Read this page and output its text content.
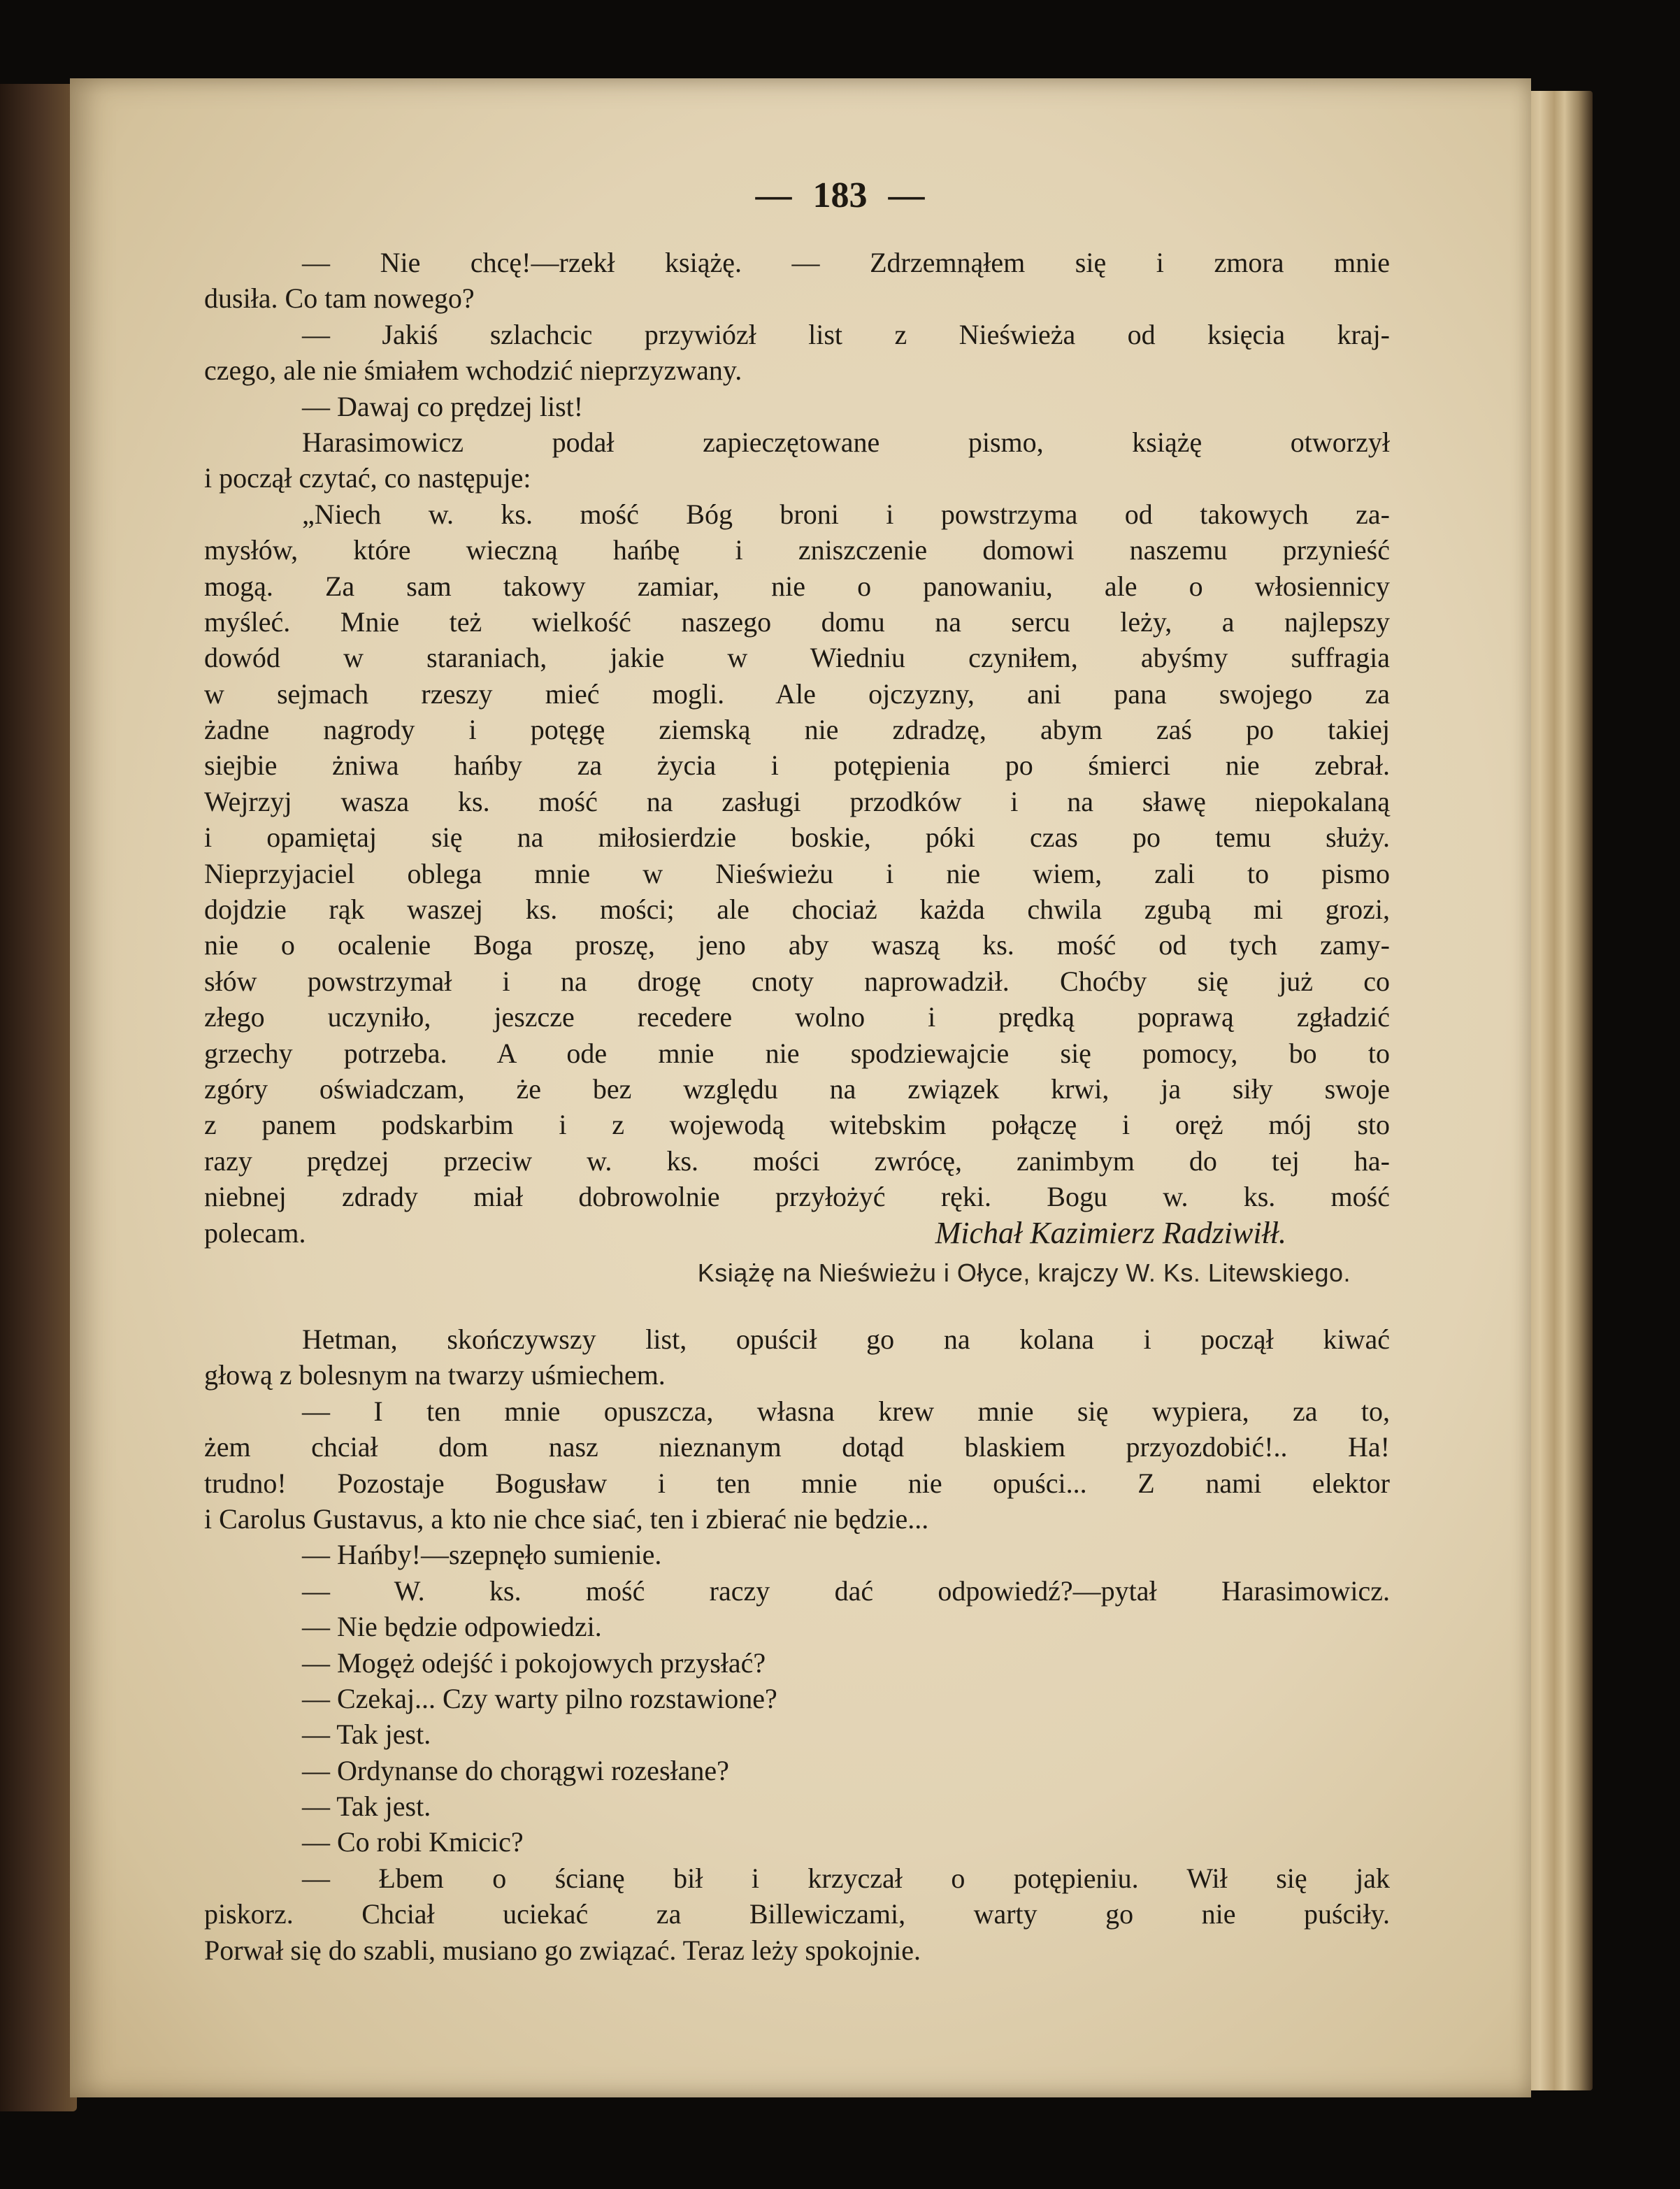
— 183 —
— Nie chcę!—rzekł książę. — Zdrzemnąłem się i zmora mnie
dusiła. Co tam nowego?
— Jakiś szlachcic przywiózł list z Nieświeża od księcia kraj-
czego, ale nie śmiałem wchodzić nieprzyzwany.
— Dawaj co prędzej list!
Harasimowicz podał zapieczętowane pismo, książę otworzył
i począł czytać, co następuje:
„Niech w. ks. mość Bóg broni i powstrzyma od takowych za-
mysłów, które wieczną hańbę i zniszczenie domowi naszemu przynieść
mogą. Za sam takowy zamiar, nie o panowaniu, ale o włosiennicy
myśleć. Mnie też wielkość naszego domu na sercu leży, a najlepszy
dowód w staraniach, jakie w Wiedniu czyniłem, abyśmy suffragia
w sejmach rzeszy mieć mogli. Ale ojczyzny, ani pana swojego za
żadne nagrody i potęgę ziemską nie zdradzę, abym zaś po takiej
siejbie żniwa hańby za życia i potępienia po śmierci nie zebrał.
Wejrzyj wasza ks. mość na zasługi przodków i na sławę niepokalaną
i opamiętaj się na miłosierdzie boskie, póki czas po temu służy.
Nieprzyjaciel oblega mnie w Nieświeżu i nie wiem, zali to pismo
dojdzie rąk waszej ks. mości; ale chociaż każda chwila zgubą mi grozi,
nie o ocalenie Boga proszę, jeno aby waszą ks. mość od tych zamy-
słów powstrzymał i na drogę cnoty naprowadził. Choćby się już co
złego uczyniło, jeszcze recedere wolno i prędką poprawą zgładzić
grzechy potrzeba. A ode mnie nie spodziewajcie się pomocy, bo to
zgóry oświadczam, że bez względu na związek krwi, ja siły swoje
z panem podskarbim i z wojewodą witebskim połączę i oręż mój sto
razy prędzej przeciw w. ks. mości zwrócę, zanimbym do tej ha-
niebnej zdrady miał dobrowolnie przyłożyć ręki. Bogu w. ks. mość
polecam.	Michał Kazimierz Radziwiłł.
Książę na Nieświeżu i Ołyce, krajczy W. Ks. Litewskiego.
Hetman, skończywszy list, opuścił go na kolana i począł kiwać
głową z bolesnym na twarzy uśmiechem.
— I ten mnie opuszcza, własna krew mnie się wypiera, za to,
żem chciał dom nasz nieznanym dotąd blaskiem przyozdobić!.. Ha!
trudno! Pozostaje Bogusław i ten mnie nie opuści... Z nami elektor
i Carolus Gustavus, a kto nie chce siać, ten i zbierać nie będzie...
— Hańby!—szepnęło sumienie.
— W. ks. mość raczy dać odpowiedź?—pytał Harasimowicz.
— Nie będzie odpowiedzi.
— Mogęż odejść i pokojowych przysłać?
— Czekaj... Czy warty pilno rozstawione?
— Tak jest.
— Ordynanse do chorągwi rozesłane?
— Tak jest.
— Co robi Kmicic?
— Łbem o ścianę bił i krzyczał o potępieniu. Wił się jak
piskorz. Chciał uciekać za Billewiczami, warty go nie puściły.
Porwał się do szabli, musiano go związać. Teraz leży spokojnie.
